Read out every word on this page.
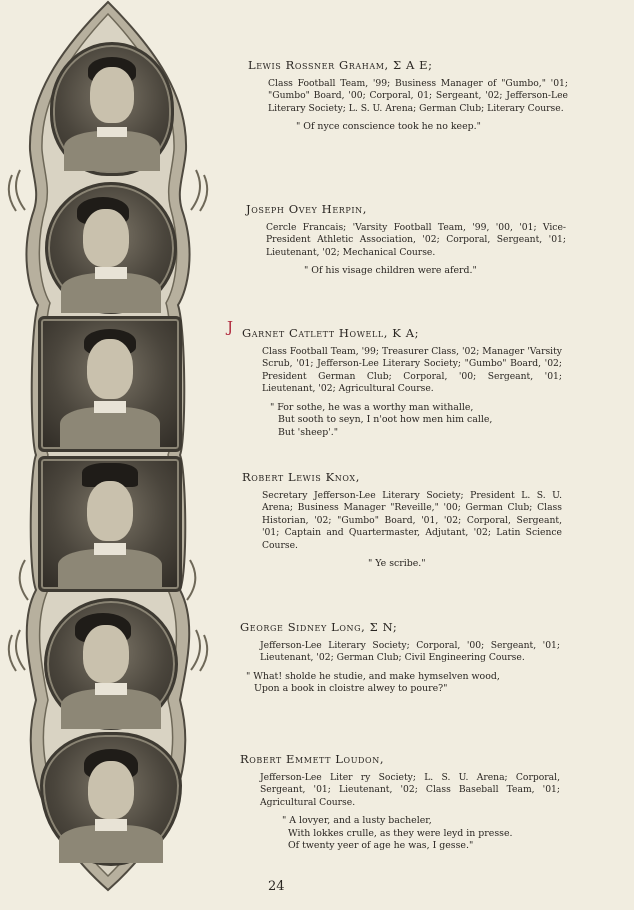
J
Lewis Rossner Graham, Σ A E;
Class Football Team, '99; Business Manager of "Gumbo," '01; "Gumbo" Board, '00; Corporal, 01; Sergeant, '02; Jefferson-Lee Literary Society; L. S. U. Arena; German Club; Literary Course.
" Of nyce conscience took he no keep."
Joseph Ovey Herpin,
Cercle Francais; 'Varsity Football Team, '99, '00, '01; Vice-President Athletic Association, '02; Corporal, Sergeant, '01; Lieutenant, '02; Mechanical Course.
" Of his visage children were aferd."
Garnet Catlett Howell, K A;
Class Football Team, '99; Treasurer Class, '02; Manager 'Varsity Scrub, '01; Jefferson-Lee Literary Society; "Gumbo" Board, '02; President German Club; Corporal, '00; Sergeant, '01; Lieutenant, '02; Agricultural Course.
" For sothe, he was a worthy man withalle,
But sooth to seyn, I n'oot how men him calle,
But 'sheep'."
Robert Lewis Knox,
Secretary Jefferson-Lee Literary Society; President L. S. U. Arena; Business Manager "Reveille," '00; German Club; Class Historian, '02; "Gumbo" Board, '01, '02; Corporal, Sergeant, '01; Captain and Quartermaster, Adjutant, '02; Latin Science Course.
" Ye scribe."
George Sidney Long, Σ N;
Jefferson-Lee Literary Society; Corporal, '00; Sergeant, '01; Lieutenant, '02; German Club; Civil Engineering Course.
" What! sholde he studie, and make hymselven wood,
Upon a book in cloistre alwey to poure?"
Robert Emmett Loudon,
Jefferson-Lee Liter ry Society; L. S. U. Arena; Corporal, Sergeant, '01; Lieutenant, '02; Class Baseball Team, '01; Agricultural Course.
" A lovyer, and a lusty bacheler,
With lokkes crulle, as they were leyd in presse.
Of twenty yeer of age he was, I gesse."
24
